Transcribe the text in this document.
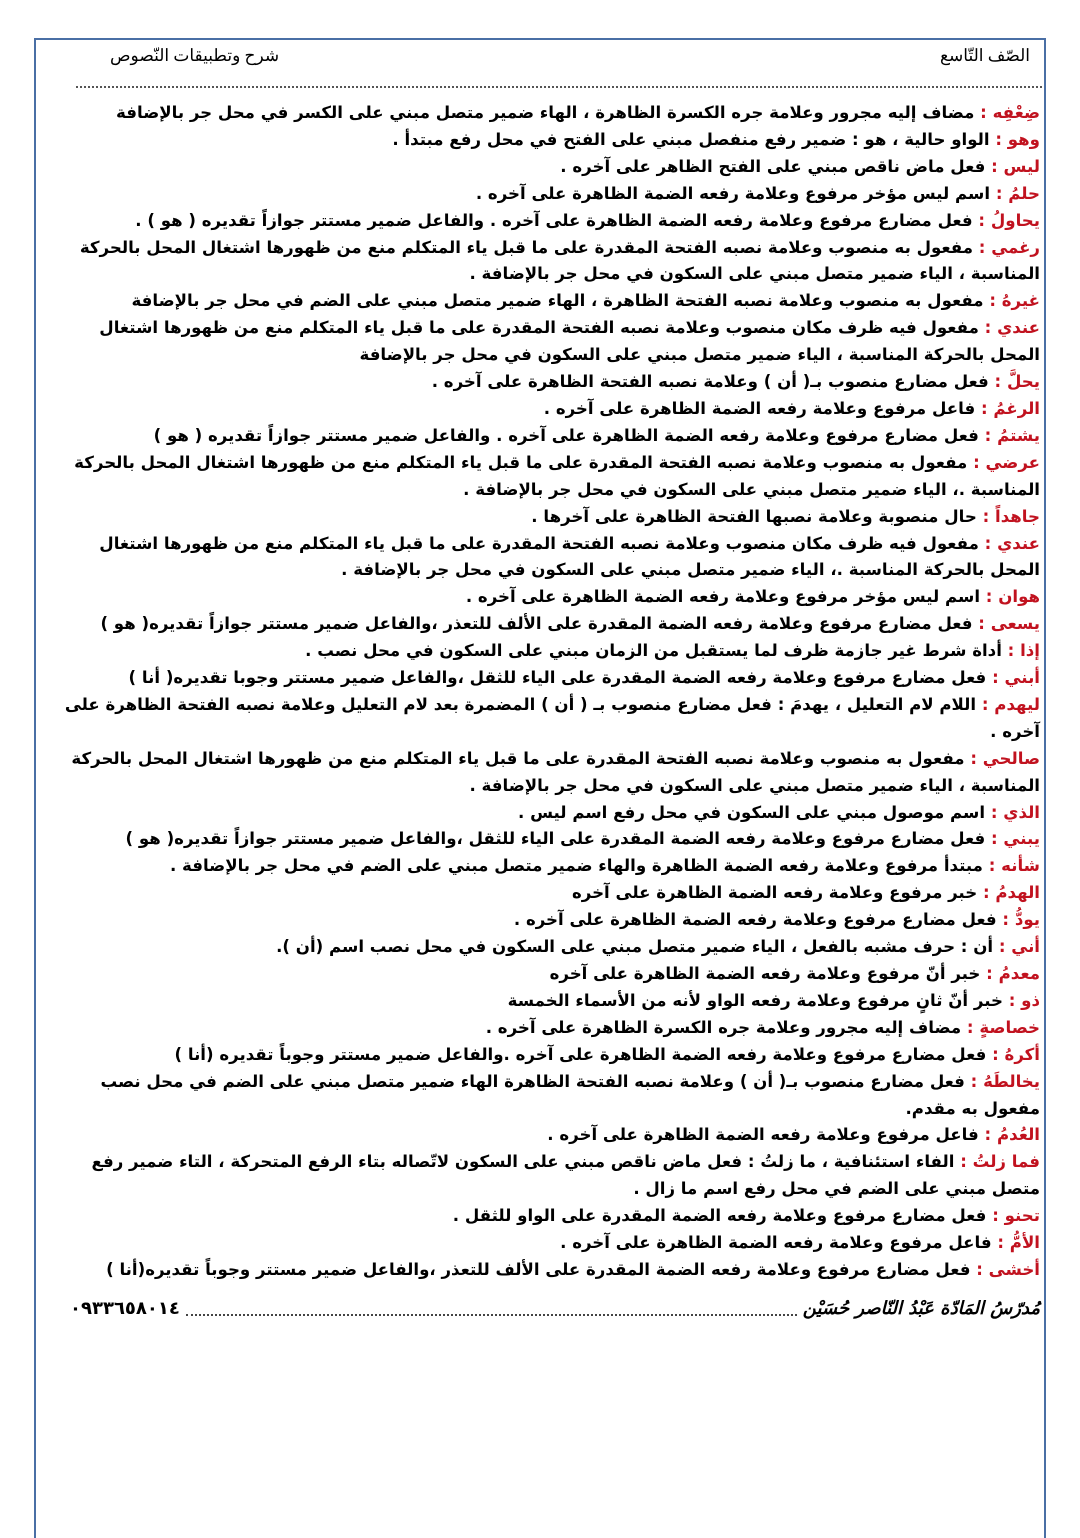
الصّف التّاسع
شرح وتطبيقات النّصوص

ضِعْفِه : مضاف إليه مجرور وعلامة جره الكسرة الظاهرة ، الهاء ضمير متصل مبني على الكسر في محل جر بالإضافة

وهو : الواو حالية ، هو : ضمير رفع منفصل مبني على الفتح في محل رفع مبتدأ .

ليس : فعل ماض ناقص مبني على الفتح الظاهر على آخره .

حلمُ : اسم ليس مؤخر مرفوع وعلامة رفعه الضمة الظاهرة على آخره .

يحاولُ : فعل مضارع مرفوع وعلامة رفعه الضمة الظاهرة على آخره . والفاعل ضمير مستتر جوازاً تقديره ( هو ) .

رغمي : مفعول به منصوب وعلامة نصبه الفتحة المقدرة على ما قبل ياء المتكلم منع من ظهورها اشتغال المحل بالحركة المناسبة ، الياء ضمير متصل مبني على السكون في محل جر بالإضافة .

غيرهُ : مفعول به منصوب وعلامة نصبه الفتحة الظاهرة ، الهاء ضمير متصل مبني على الضم في محل جر بالإضافة

عندي : مفعول فيه ظرف مكان منصوب وعلامة نصبه الفتحة المقدرة على ما قبل ياء المتكلم منع من ظهورها اشتغال المحل بالحركة المناسبة ، الياء ضمير متصل مبني على السكون في محل جر بالإضافة

يحلَّ : فعل مضارع منصوب بـ( أن ) وعلامة نصبه الفتحة الظاهرة على آخره .

الرغمُ : فاعل مرفوع وعلامة رفعه الضمة الظاهرة على آخره .

يشتمُ : فعل مضارع مرفوع وعلامة رفعه الضمة الظاهرة على آخره . والفاعل ضمير مستتر جوازاً تقديره ( هو )

عرضي : مفعول به منصوب وعلامة نصبه الفتحة المقدرة على ما قبل ياء المتكلم منع من ظهورها اشتغال المحل بالحركة المناسبة .، الياء ضمير متصل مبني على السكون في محل جر بالإضافة .

جاهداً : حال منصوبة وعلامة نصبها الفتحة الظاهرة على آخرها .

عندي : مفعول فيه ظرف مكان منصوب وعلامة نصبه الفتحة المقدرة على ما قبل ياء المتكلم منع من ظهورها اشتغال المحل بالحركة المناسبة .، الياء ضمير متصل مبني على السكون في محل جر بالإضافة .

هوان : اسم ليس مؤخر مرفوع وعلامة رفعه الضمة الظاهرة على آخره .

يسعى : فعل مضارع مرفوع وعلامة رفعه الضمة المقدرة على الألف للتعذر ،والفاعل ضمير مستتر جوازاً تقديره( هو )

إذا : أداة شرط غير جازمة ظرف لما يستقبل من الزمان مبني على السكون في محل نصب .

أبني : فعل مضارع مرفوع وعلامة رفعه الضمة المقدرة على الياء للثقل ،والفاعل ضمير مستتر وجوبا تقديره( أنا )

ليهدم : اللام لام التعليل ، يهدمَ : فعل مضارع منصوب بـ ( أن ) المضمرة بعد لام التعليل وعلامة نصبه الفتحة الظاهرة على آخره .

صالحي : مفعول به منصوب وعلامة نصبه الفتحة المقدرة على ما قبل ياء المتكلم منع من ظهورها اشتغال المحل بالحركة المناسبة ، الياء ضمير متصل مبني على السكون في محل جر بالإضافة .

الذي : اسم موصول مبني على السكون في محل رفع اسم ليس .

يبني : فعل مضارع مرفوع وعلامة رفعه الضمة المقدرة على الياء للثقل ،والفاعل ضمير مستتر جوازاً تقديره( هو )

شأنه : مبتدأ مرفوع وعلامة رفعه الضمة الظاهرة والهاء ضمير متصل مبني على الضم في محل جر بالإضافة .

الهدمُ : خبر مرفوع وعلامة رفعه الضمة الظاهرة على آخره

يودُّ : فعل مضارع مرفوع وعلامة رفعه الضمة الظاهرة على آخره .

أني : أن : حرف مشبه بالفعل ، الياء ضمير متصل مبني على السكون في محل نصب اسم (أن ).

معدمُ : خبر أنّ مرفوع وعلامة رفعه الضمة الظاهرة على آخره

ذو : خبر أنّ ثانٍ مرفوع وعلامة رفعه الواو لأنه من الأسماء الخمسة

خصاصةٍ : مضاف إليه مجرور وعلامة جره الكسرة الظاهرة على آخره .

أكرهُ : فعل مضارع مرفوع وعلامة رفعه الضمة الظاهرة على آخره .والفاعل ضمير مستتر وجوباً تقديره (أنا )

يخالطَهُ : فعل مضارع منصوب بـ( أن ) وعلامة نصبه الفتحة الظاهرة الهاء ضمير متصل مبني على الضم في محل نصب مفعول به مقدم.

العُدمُ : فاعل مرفوع وعلامة رفعه الضمة الظاهرة على آخره .

فما زلتُ : الفاء استئنافية ، ما زلتُ : فعل ماض ناقص مبني على السكون لاتّصاله بتاء الرفع المتحركة ، التاء ضمير رفع متصل مبني على الضم في محل رفع اسم ما زال .

تحنو : فعل مضارع مرفوع وعلامة رفعه الضمة المقدرة على الواو للثقل .

الأمُّ : فاعل مرفوع وعلامة رفعه الضمة الظاهرة على آخره .

أخشى : فعل مضارع مرفوع وعلامة رفعه الضمة المقدرة على الألف للتعذر ،والفاعل ضمير مستتر وجوباً تقديره(أنا )

مُدرّسُ المَادّة عَبْدُ النّاصر حُسَيْن
٠٩٣٣٦٥٨٠١٤
